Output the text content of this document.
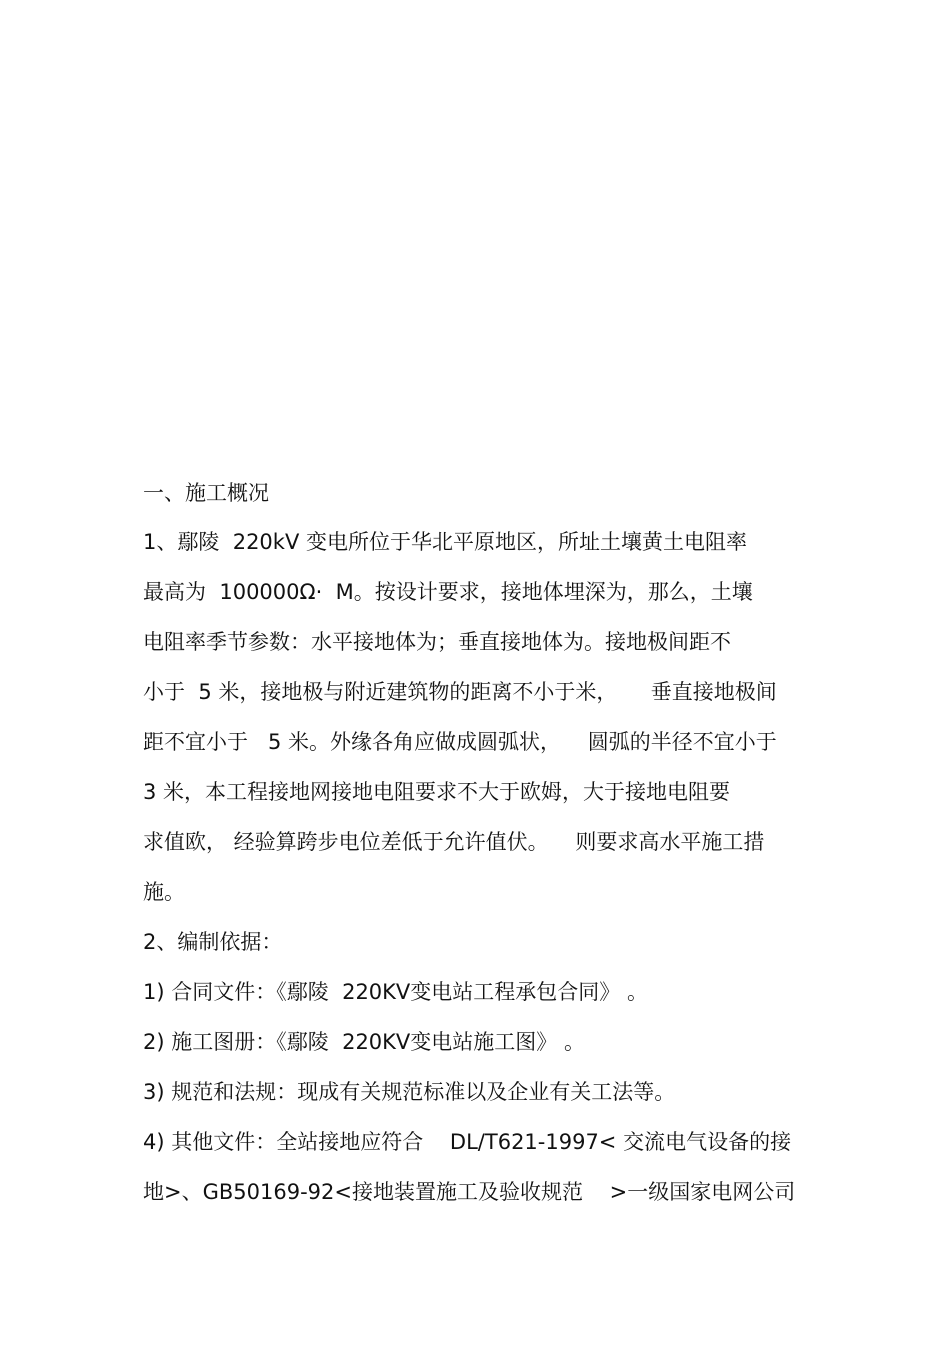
一、施工概况
1、鄢陵  220kV 变电所位于华北平原地区，所址土壤黄土电阻率
最高为  100000Ω·  M。按设计要求，接地体埋深为，那么，土壤
电阻率季节参数：水平接地体为；垂直接地体为。接地极间距不
小于  5 米，接地极与附近建筑物的距离不小于米，     垂直接地极间
距不宜小于   5 米。外缘各角应做成圆弧状，    圆弧的半径不宜小于
3 米，本工程接地网接地电阻要求不大于欧姆，大于接地电阻要
求值欧， 经验算跨步电位差低于允许值伏。    则要求高水平施工措
施。
2、编制依据：
1) 合同文件：《鄢陵  220KV变电站工程承包合同》 。
2) 施工图册：《鄢陵  220KV变电站施工图》 。
3) 规范和法规：现成有关规范标准以及企业有关工法等。
4) 其他文件：全站接地应符合    DL/T621-1997< 交流电气设备的接
地>、GB50169-92<接地装置施工及验收规范    >一级国家电网公司
